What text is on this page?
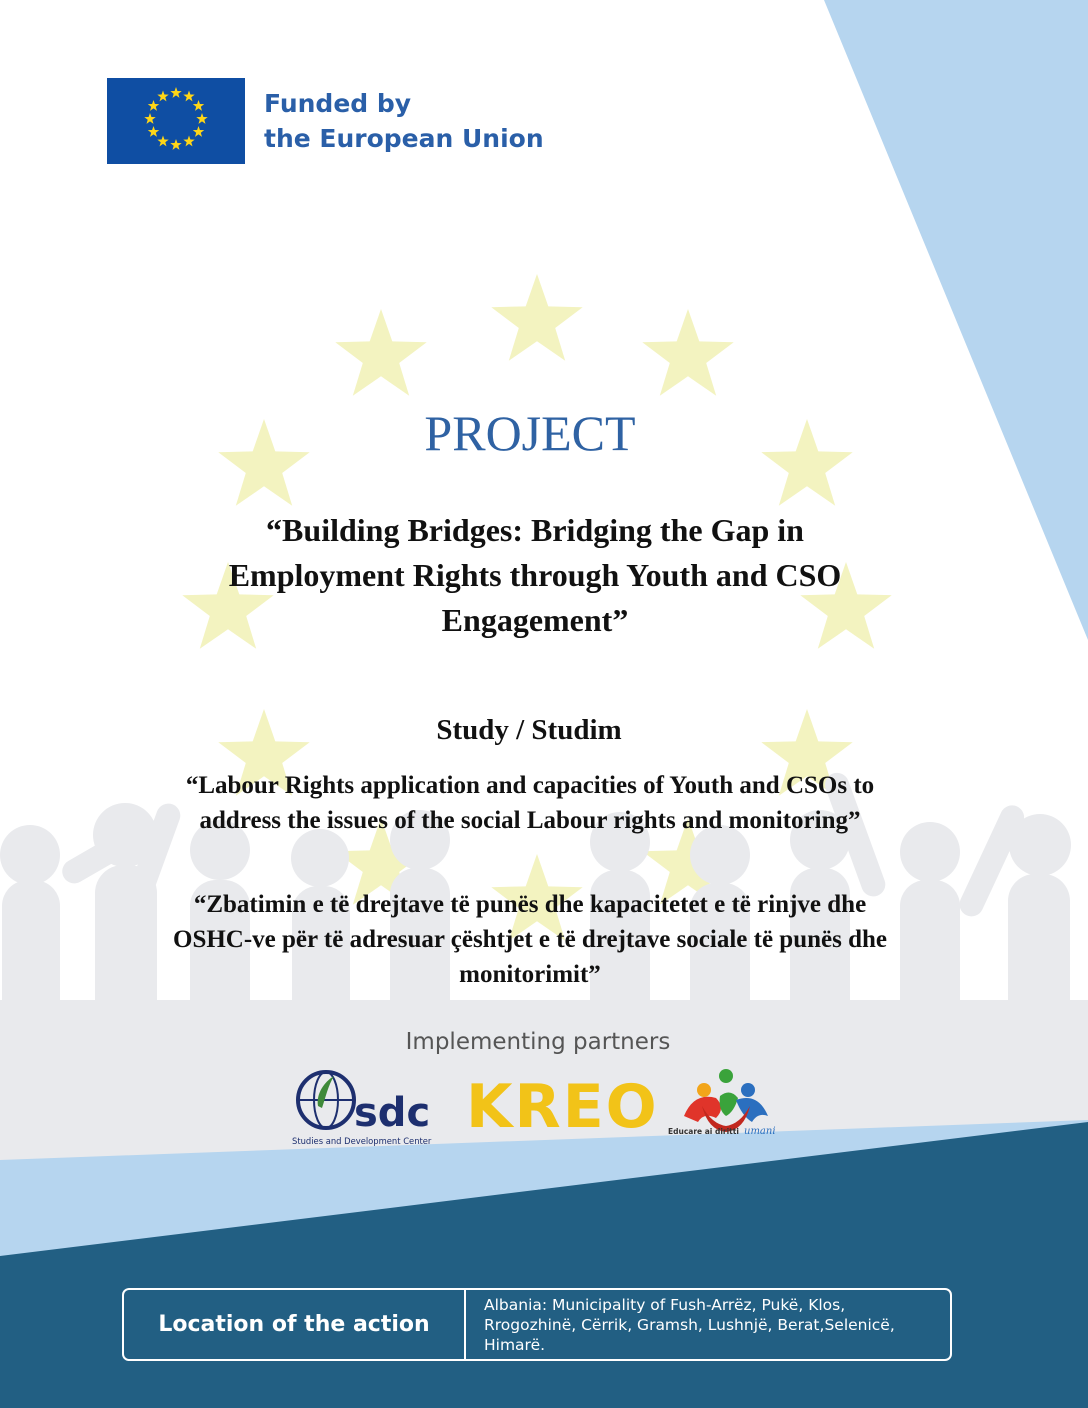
Funded by
the European Union
PROJECT
“Building Bridges: Bridging the Gap in Employment Rights through Youth and CSO Engagement”
Study / Studim
“Labour Rights application and capacities of Youth and CSOs to address the issues of the social Labour rights and monitoring”
“Zbatimin e të drejtave të punës dhe kapacitetet e të rinjve dhe OSHC-ve për të adresuar çështjet e të drejtave sociale të punës dhe monitorimit”
Implementing partners
sdc
Studies and Development Center KREO Educare ai diritti umani
Location of the action
Albania: Municipality of Fush-Arrëz, Pukë, Klos, Rrogozhinë, Cërrik, Gramsh, Lushnjë, Berat,Selenicë, Himarë.
